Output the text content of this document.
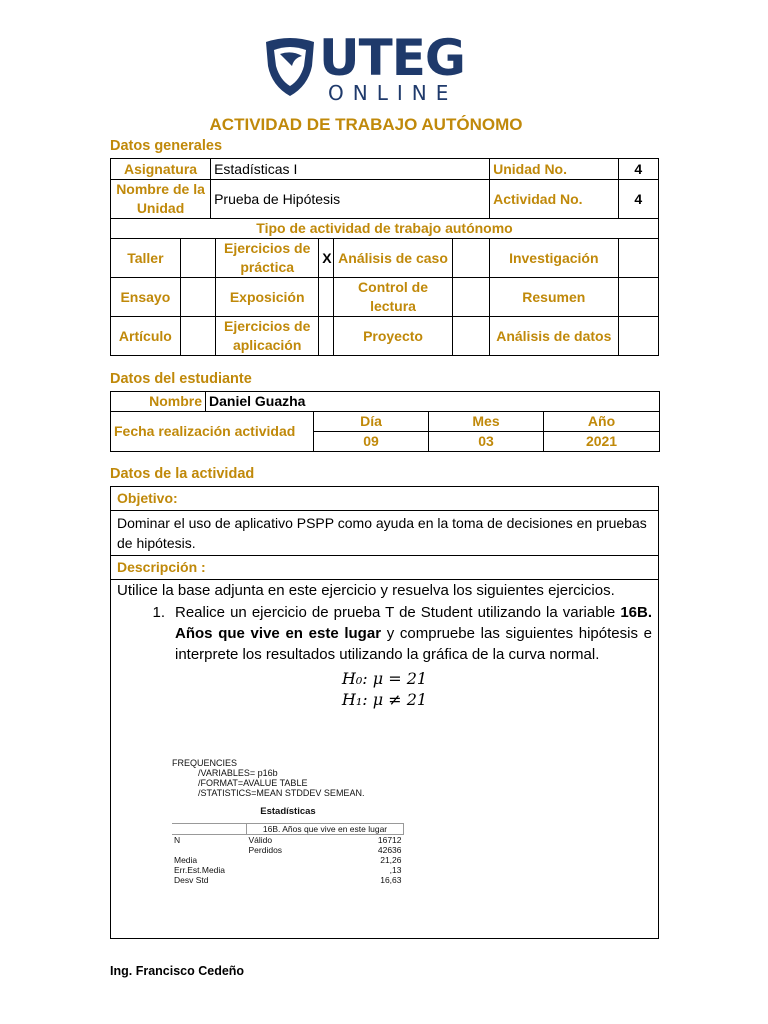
UTEG
ONLINE
ACTIVIDAD DE TRABAJO AUTÓNOMO
Datos generales
Asignatura		Estadísticas I					Unidad No.	4
Nombre de la Unidad		Prueba de Hipótesis					Actividad No.	4
Tipo de actividad de trabajo autónomo								
Taller			Ejercicios de práctica	X	Análisis de caso		Investigación	
Ensayo			Exposición		Control de lectura		Resumen	
Artículo			Ejercicios de aplicación		Proyecto		Análisis de datos	
Datos del estudiante
Nombre	Daniel Guazha			
Fecha realización actividad		Día	Mes	Año
		09	03	2021
Datos de la actividad
Objetivo:
Dominar el uso de aplicativo PSPP como ayuda en la toma de decisiones en pruebas de hipótesis.
Descripción :

Utilice la base adjunta en este ejercicio y resuelva los siguientes ejercicios.
1. Realice un ejercicio de prueba T de Student utilizando la variable 16B. Años que vive en este lugar y compruebe las siguientes hipótesis e interprete los resultados utilizando la gráfica de la curva normal.
H₀: μ = 21
H₁: μ ≠ 21
FREQUENCIES
/VARIABLES= p16b
/FORMAT=AVALUE TABLE
/STATISTICS=MEAN STDDEV SEMEAN.
Estadísticas
	16B. Años que vive en este lugar
N	Válido	16712
	Perdidos	42636
Media		21,26
Err.Est.Media		,13
Desv Std		16,63
Ing. Francisco Cedeño
